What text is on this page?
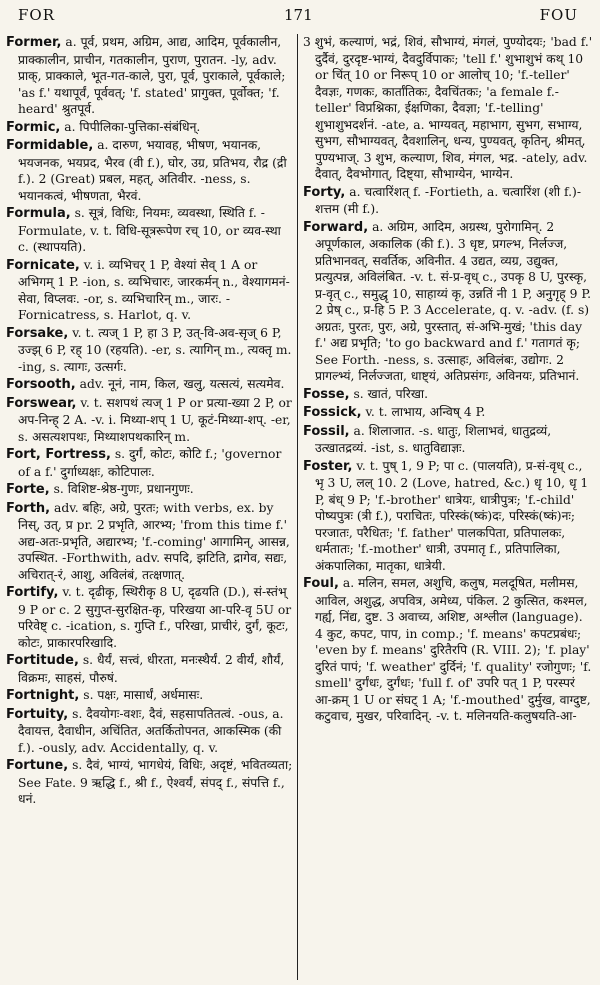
FOR	171	FOU
Former, a. पूर्व, प्रथम, अग्रिम, आद्य, आदिम, पूर्वकालीन, प्राक्कालीन, प्राचीन, गतकालीन, पुराण, पुरातन. -ly, adv. प्राक्, प्राक्काले, भूत-गत-काले, पुरा, पूर्व, पुराकाले, पूर्वकाले; 'as f.' यथापूर्वं, पूर्ववत्; 'f. stated' प्रागुक्त, पूर्वोक्त; 'f. heard' श्रुतपूर्व.
Formic, a. पिपीलिका-पुत्तिका-संबंधिन्.
Formidable, a. दारुण, भयावह, भीषण, भयानक, भयजनक, भयप्रद, भैरव (वी f.), घोर, उग्र, प्रतिभय, रौद्र (द्री f.). 2 (Great) प्रबल, महत्, अतिवीर. -ness, s. भयानकत्वं, भीषणता, भैरवं.
Formula, s. सूत्रं, विधिः, नियमः, व्यवस्था, स्थिति f. -Formulate, v. t. विधि-सूत्ररूपेण रच् 10, or व्यव-स्था c. (स्थापयति).
Fornicate, v. i. व्यभिचर् 1 P, वेश्यां सेव् 1 A or अभिगम् 1 P. -ion, s. व्यभिचारः, जारकर्मन् n., वेश्यागमनं-सेवा, विप्लवः. -or, s. व्यभिचारिन् m., जारः. -Fornicatress, s. Harlot, q. v.
Forsake, v. t. त्यज् 1 P, हा 3 P, उत्-वि-अव-सृज् 6 P, उज्झ् 6 P, रह् 10 (रहयति). -er, s. त्यागिन् m., त्यक्तृ m. -ing, s. त्यागः, उत्सर्गः.
Forsooth, adv. नूनं, नाम, किल, खलु, यत्सत्यं, सत्यमेव.
Forswear, v. t. सशपथं त्यज् 1 P or प्रत्या-ख्या 2 P, or अप-निन्ह् 2 A. -v. i. मिथ्या-शप् 1 U, कूटं-मिथ्या-शप्. -er, s. असत्यशपथः, मिथ्याशपथकारिन् m.
Fort, Fortress, s. दुर्गं, कोटः, कोटि f.; 'governor of a f.' दुर्गाध्यक्षः, कोटिपालः.
Forte, s. विशिष्ट-श्रेष्ठ-गुणः, प्रधानगुणः.
Forth, adv. बहिः, अग्रे, पुरतः; with verbs, ex. by निस्, उत्, प्र pr. 2 प्रभृति, आरभ्य; 'from this time f.' अद्य-अतः-प्रभृति, अद्यारभ्य; 'f.-coming' आगामिन्, आसन्न, उपस्थित. -Forthwith, adv. सपदि, झटिति, द्रागेव, सद्यः, अचिरात्-रं, आशु, अविलंबं, तत्क्षणात्.
Fortify, v. t. दृढीकृ, स्थिरीकृ 8 U, दृढयति (D.), सं-स्तंभ् 9 P or c. 2 सुगुप्त-सुरक्षित-कृ, परिखया आ-परि-वृ 5U or परिवेष्ट् c. -ication, s. गुप्ति f., परिखा, प्राचीरं, दुर्गं, कूटः, कोटः, प्राकारपरिखादि.
Fortitude, s. धैर्यं, सत्त्वं, धीरता, मनःस्थैर्यं. 2 वीर्यं, शौर्यं, विक्रमः, साहसं, पौरुषं.
Fortnight, s. पक्षः, मासार्धं, अर्धमासः.
Fortuity, s. दैवयोगः-वशः, दैवं, सहसापतितत्वं. -ous, a. दैवायत्त, दैवाधीन, अचिंतित, अतर्कितोपनत, आकस्मिक (की f.). -ously, adv. Accidentally, q. v.
Fortune, s. दैवं, भाग्यं, भागधेयं, विधिः, अदृष्टं, भवितव्यता; See Fate. 9 ऋद्धि f., श्री f., ऐश्वर्यं, संपद् f., संपत्ति f., धनं.
3 शुभं, कल्याणं, भद्रं, शिवं, सौभाग्यं, मंगलं, पुण्योदयः; 'bad f.' दुर्दैवं, दुरदृष्ट-भाग्यं, दैवदुर्विपाकः; 'tell f.' शुभाशुभं कथ् 10 or चिंत् 10 or निरूप् 10 or आलोच् 10; 'f.-teller' दैवज्ञः, गणकः, कार्तांतिकः, दैवचिंतकः; 'a female f.-teller' विप्रश्निका, ईक्षणिका, दैवज्ञा; 'f.-telling' शुभाशुभदर्शनं. -ate, a. भाग्यवत्, महाभाग, सुभग, सभाग्य, सुभग, सौभाग्यवत्, दैवशालिन्, धन्य, पुण्यवत्, कृतिन्, श्रीमत्, पुण्यभाज्. 3 शुभ, कल्याण, शिव, मंगल, भद्र. -ately, adv. दैवात्, दैवभोगात्, दिष्ट्या, सौभाग्येन, भाग्येन.
Forty, a. चत्वारिंशत् f. -Fortieth, a. चत्वारिंश (शी f.)-शत्तम (मी f.).
Forward, a. अग्रिम, आदिम, अग्रस्थ, पुरोगामिन्. 2 अपूर्णकाल, अकालिक (की f.). 3 धृष्ट, प्रगल्भ, निर्लज्ज, प्रतिभानवत्, सवर्तिक, अविनीत. 4 उद्यत, व्यग्र, उद्युक्त, प्रत्युत्पन्न, अविलंबित. -v. t. सं-प्र-वृध् c., उपकृ 8 U, पुरस्कृ, प्र-वृत् c., समुद्धृ 10, साहाय्यं कृ, उन्नतिं नी 1 P, अनुगृह् 9 P. 2 प्रेष् c., प्र-हि 5 P. 3 Accelerate, q. v. -adv. (f. s) अग्रतः, पुरतः, पुरः, अग्रे, पुरस्तात्, सं-अभि-मुखं; 'this day f.' अद्य प्रभृति; 'to go backward and f.' गतागतं कृ; See Forth. -ness, s. उत्साहः, अविलंबः, उद्योगः. 2 प्रागल्भ्यं, निर्लज्जता, धाष्ट्यं, अतिप्रसंगः, अविनयः, प्रतिभानं.
Fosse, s. खातं, परिखा.
Fossick, v. t. लाभाय, अन्विष् 4 P.
Fossil, a. शिलाजात. -s. धातुः, शिलाभवं, धातुद्रव्यं, उत्खातद्रव्यं. -ist, s. धातुविद्याज्ञः.
Foster, v. t. पुष् 1, 9 P; पा c. (पालयति), प्र-सं-वृध् c., भृ 3 U, लल् 10. 2 (Love, hatred, &c.) धृ 10, धृ 1 P, बंध् 9 P; 'f.-brother' धात्रेयः, धात्रीपुत्रः; 'f.-child' पोष्यपुत्रः (त्री f.), पराचितः, परिस्कं(ष्कं)दः, परिस्कं(ष्कं)नः; परजातः, परैधितः; 'f. father' पालकपिता, प्रतिपालकः, धर्मतातः; 'f.-mother' धात्री, उपमातृ f., प्रतिपालिका, अंकपालिका, मातृका, धात्रेयी.
Foul, a. मलिन, समल, अशुचि, कलुष, मलदूषित, मलीमस, आविल, अशुद्ध, अपवित्र, अमेध्य, पंकिल. 2 कुत्सित, कश्मल, गर्ह्य, निंद्य, दुष्ट. 3 अवाच्य, अशिष्ट, अश्लील (language). 4 कुट, कपट, पाप, in comp.; 'f. means' कपटप्रबंधः; 'even by f. means' दुरितैरपि (R. VIII. 2); 'f. play' दुरितं पापं; 'f. weather' दुर्दिनं; 'f. quality' रजोगुणः; 'f. smell' दुर्गंधः, दुर्गंधः; 'full f. of' उपरि पत् 1 P, परस्परं आ-क्रम् 1 U or संघट् 1 A; 'f.-mouthed' दुर्मुख, वाग्दुष्ट, कटुवाच, मुखर, परिवादिन्. -v. t. मलिनयति-कलुषयति-आ-
